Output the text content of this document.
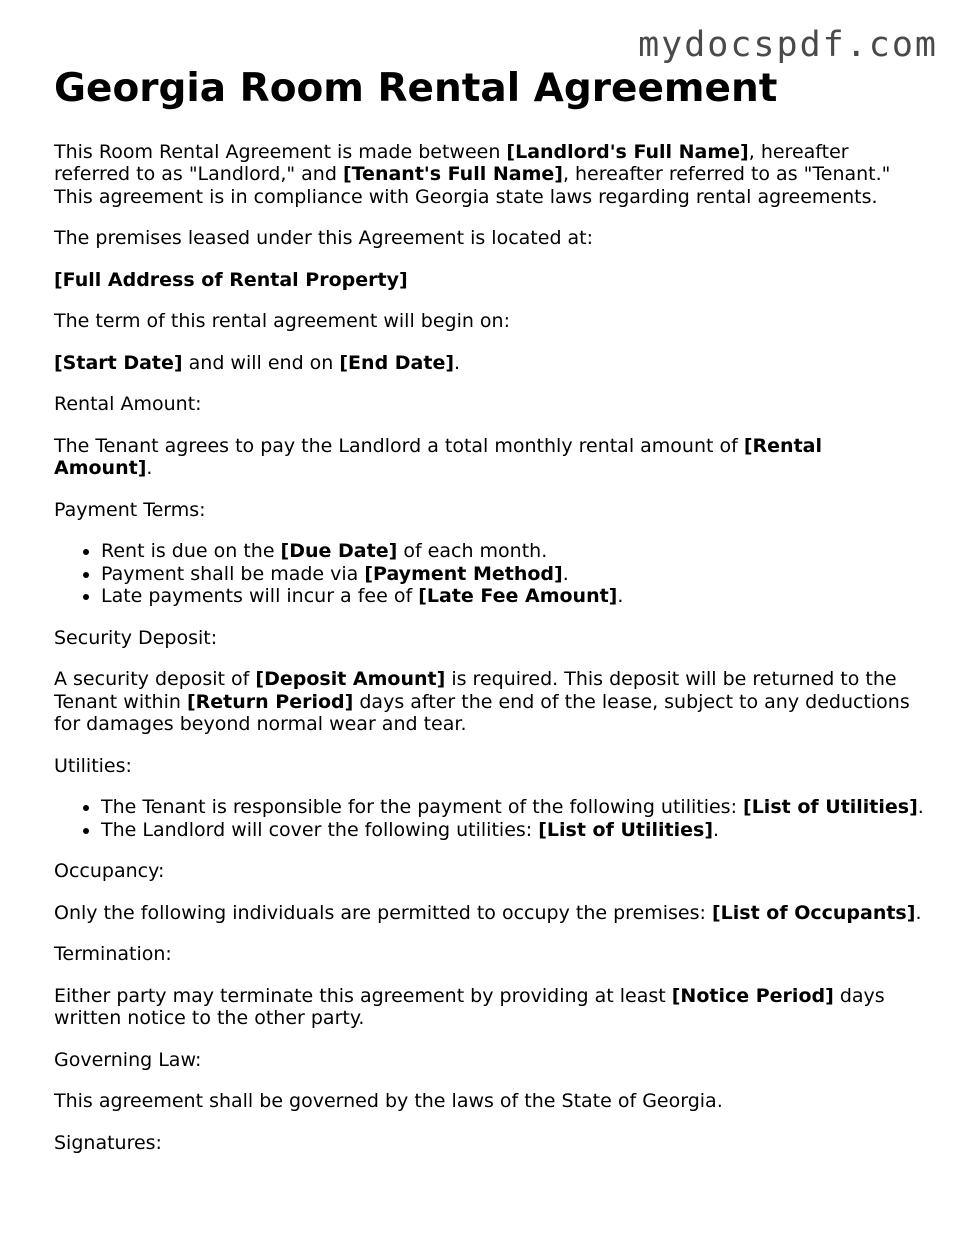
mydocspdf.com
Georgia Room Rental Agreement

This Room Rental Agreement is made between [Landlord's Full Name], hereafter referred to as "Landlord," and [Tenant's Full Name], hereafter referred to as "Tenant." This agreement is in compliance with Georgia state laws regarding rental agreements.

The premises leased under this Agreement is located at:

[Full Address of Rental Property]

The term of this rental agreement will begin on:

[Start Date] and will end on [End Date].

Rental Amount:

The Tenant agrees to pay the Landlord a total monthly rental amount of [Rental Amount].

Payment Terms:

• Rent is due on the [Due Date] of each month.
• Payment shall be made via [Payment Method].
• Late payments will incur a fee of [Late Fee Amount].

Security Deposit:

A security deposit of [Deposit Amount] is required. This deposit will be returned to the Tenant within [Return Period] days after the end of the lease, subject to any deductions for damages beyond normal wear and tear.

Utilities:

• The Tenant is responsible for the payment of the following utilities: [List of Utilities].
• The Landlord will cover the following utilities: [List of Utilities].

Occupancy:

Only the following individuals are permitted to occupy the premises: [List of Occupants].

Termination:

Either party may terminate this agreement by providing at least [Notice Period] days written notice to the other party.

Governing Law:

This agreement shall be governed by the laws of the State of Georgia.

Signatures:
